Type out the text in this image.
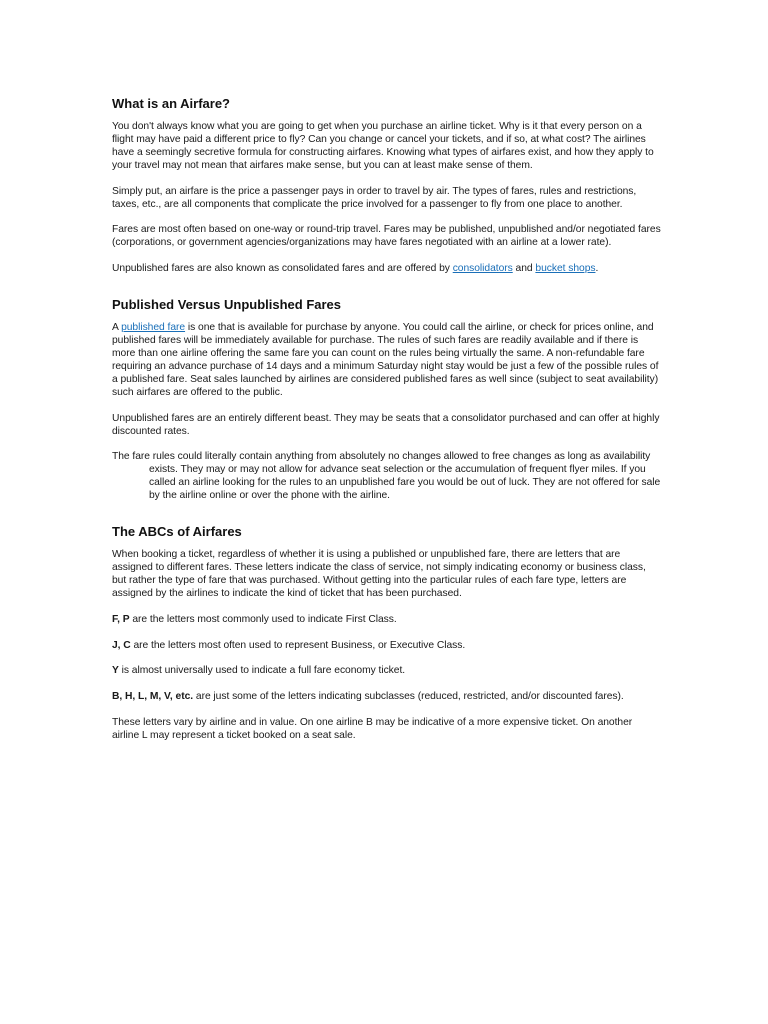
What is an Airfare?

You don't always know what you are going to get when you purchase an airline ticket. Why is it that every person on a flight may have paid a different price to fly? Can you change or cancel your tickets, and if so, at what cost? The airlines have a seemingly secretive formula for constructing airfares. Knowing what types of airfares exist, and how they apply to your travel may not mean that airfares make sense, but you can at least make sense of them.

Simply put, an airfare is the price a passenger pays in order to travel by air. The types of fares, rules and restrictions, taxes, etc., are all components that complicate the price involved for a passenger to fly from one place to another.

Fares are most often based on one-way or round-trip travel. Fares may be published, unpublished and/or negotiated fares (corporations, or government agencies/organizations may have fares negotiated with an airline at a lower rate).

Unpublished fares are also known as consolidated fares and are offered by consolidators and bucket shops.

Published Versus Unpublished Fares

A published fare is one that is available for purchase by anyone. You could call the airline, or check for prices online, and published fares will be immediately available for purchase. The rules of such fares are readily available and if there is more than one airline offering the same fare you can count on the rules being virtually the same. A non-refundable fare requiring an advance purchase of 14 days and a minimum Saturday night stay would be just a few of the possible rules of a published fare. Seat sales launched by airlines are considered published fares as well since (subject to seat availability) such airfares are offered to the public.

Unpublished fares are an entirely different beast. They may be seats that a consolidator purchased and can offer at highly discounted rates.

The fare rules could literally contain anything from absolutely no changes allowed to free changes as long as availability exists. They may or may not allow for advance seat selection or the accumulation of frequent flyer miles. If you called an airline looking for the rules to an unpublished fare you would be out of luck. They are not offered for sale by the airline online or over the phone with the airline.

The ABCs of Airfares

When booking a ticket, regardless of whether it is using a published or unpublished fare, there are letters that are assigned to different fares. These letters indicate the class of service, not simply indicating economy or business class, but rather the type of fare that was purchased. Without getting into the particular rules of each fare type, letters are assigned by the airlines to indicate the kind of ticket that has been purchased.

F, P are the letters most commonly used to indicate First Class.

J, C are the letters most often used to represent Business, or Executive Class.

Y is almost universally used to indicate a full fare economy ticket.

B, H, L, M, V, etc. are just some of the letters indicating subclasses (reduced, restricted, and/or discounted fares).

These letters vary by airline and in value. On one airline B may be indicative of a more expensive ticket. On another airline L may represent a ticket booked on a seat sale.
